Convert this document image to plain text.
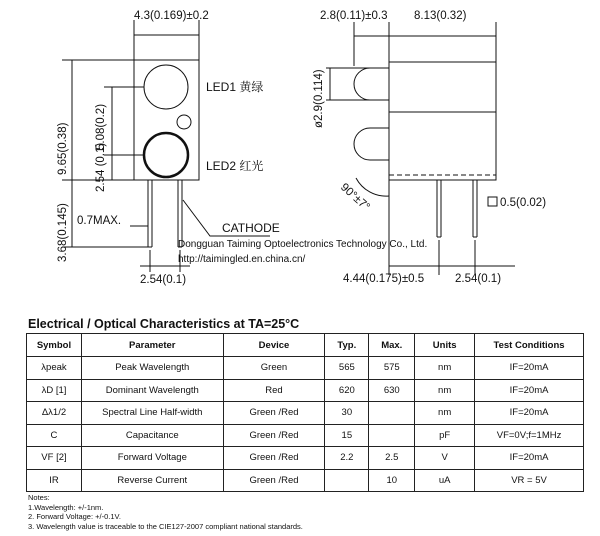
4.3(0.169)±0.2
9.65(0.38) 5.08(0.2)
2.54 (0.1)
3.68(0.145) 0.7MAX.
2.54(0.1)
CATHODE
LED1 黄绿
LED2 红光
2.8(0.11)±0.3 8.13(0.32)
ø2.9(0.114)
90°±7°	0.5(0.02)
4.44(0.175)±0.5	2.54(0.1)
Dongguan Taiming Optoelectronics Technology Co., Ltd.
http://taimingled.en.china.cn/
Electrical / Optical Characteristics at TA=25°C
Symbol	Parameter	Device	Typ.	Max.	Units	Test Conditions
λpeak	Peak Wavelength	Green	565	575	nm	IF=20mA
λD [1]	Dominant Wavelength	Red	620	630	nm	IF=20mA
Δλ1/2	Spectral Line Half-width	Green /Red	30		nm	IF=20mA
C	Capacitance	Green /Red	15		pF	VF=0V;f=1MHz
VF [2]	Forward Voltage	Green /Red	2.2	2.5	V	IF=20mA
IR	Reverse Current	Green /Red		10	uA	VR = 5V
Notes:
1.Wavelength: +/-1nm.
2. Forward Voltage: +/-0.1V.
3. Wavelength value is traceable to the CIE127-2007 compliant national standards.
